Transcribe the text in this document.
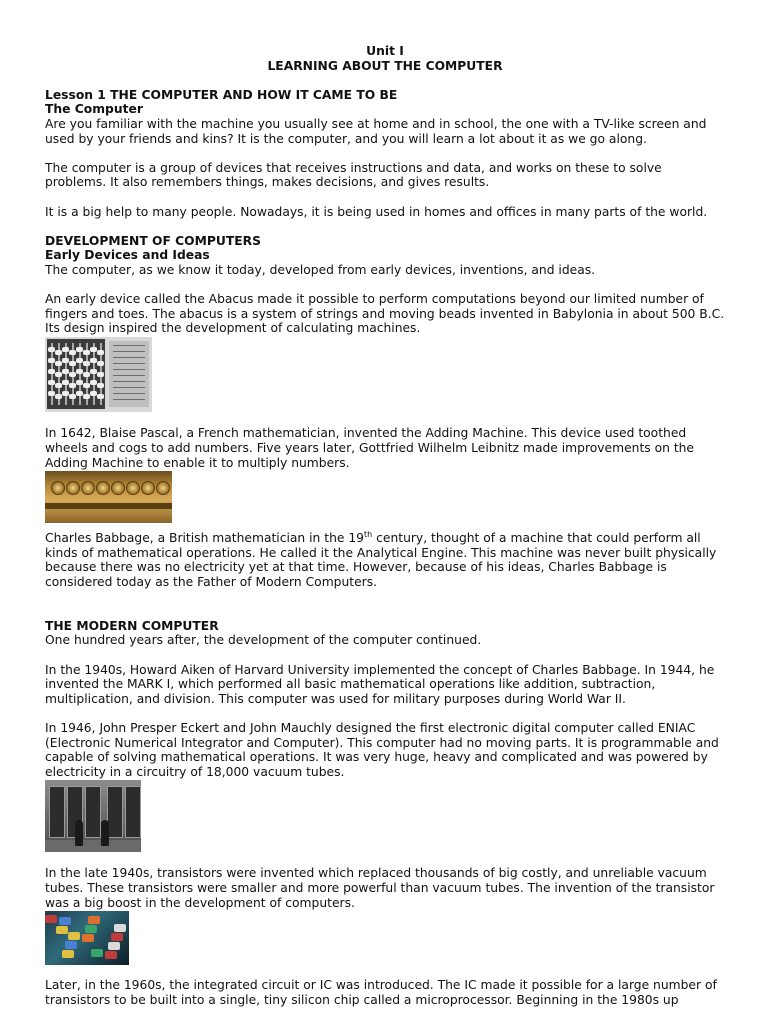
Unit I

LEARNING ABOUT THE COMPUTER

Lesson 1 THE COMPUTER AND HOW IT CAME TO BE

The Computer

Are you familiar with the machine you usually see at home and in school, the one with a TV-like screen and used by your friends and kins? It is the computer, and you will learn a lot about it as we go along.

The computer is a group of devices that receives instructions and data, and works on these to solve problems. It also remembers things, makes decisions, and gives results.

It is a big help to many people. Nowadays, it is being used in homes and offices in many parts of the world.

DEVELOPMENT OF COMPUTERS

Early Devices and Ideas

The computer, as we know it today, developed from early devices, inventions, and ideas.

An early device called the Abacus made it possible to perform computations beyond our limited number of fingers and toes. The abacus is a system of strings and moving beads invented in Babylonia in about 500 B.C. Its design inspired the development of calculating machines.

In 1642, Blaise Pascal, a French mathematician, invented the Adding Machine. This device used toothed wheels and cogs to add numbers. Five years later, Gottfried Wilhelm Leibnitz made improvements on the Adding Machine to enable it to multiply numbers.

Charles Babbage, a British mathematician in the 19th century, thought of a machine that could perform all kinds of mathematical operations. He called it the Analytical Engine. This machine was never built physically because there was no electricity yet at that time. However, because of his ideas, Charles Babbage is considered today as the Father of Modern Computers.

THE MODERN COMPUTER

One hundred years after, the development of the computer continued.

In the 1940s, Howard Aiken of Harvard University implemented the concept of Charles Babbage. In 1944, he invented the MARK I, which performed all basic mathematical operations like addition, subtraction, multiplication, and division. This computer was used for military purposes during World War II.

In 1946, John Presper Eckert and John Mauchly designed the first electronic digital computer called ENIAC (Electronic Numerical Integrator and Computer). This computer had no moving parts. It is programmable and capable of solving mathematical operations. It was very huge, heavy and complicated and was powered by electricity in a circuitry of 18,000 vacuum tubes.

In the late 1940s, transistors were invented which replaced thousands of big costly, and unreliable vacuum tubes. These transistors were smaller and more powerful than vacuum tubes. The invention of the transistor was a big boost in the development of computers.

Later, in the 1960s, the integrated circuit or IC was introduced. The IC made it possible for a large number of transistors to be built into a single, tiny silicon chip called a microprocessor. Beginning in the 1980s up
